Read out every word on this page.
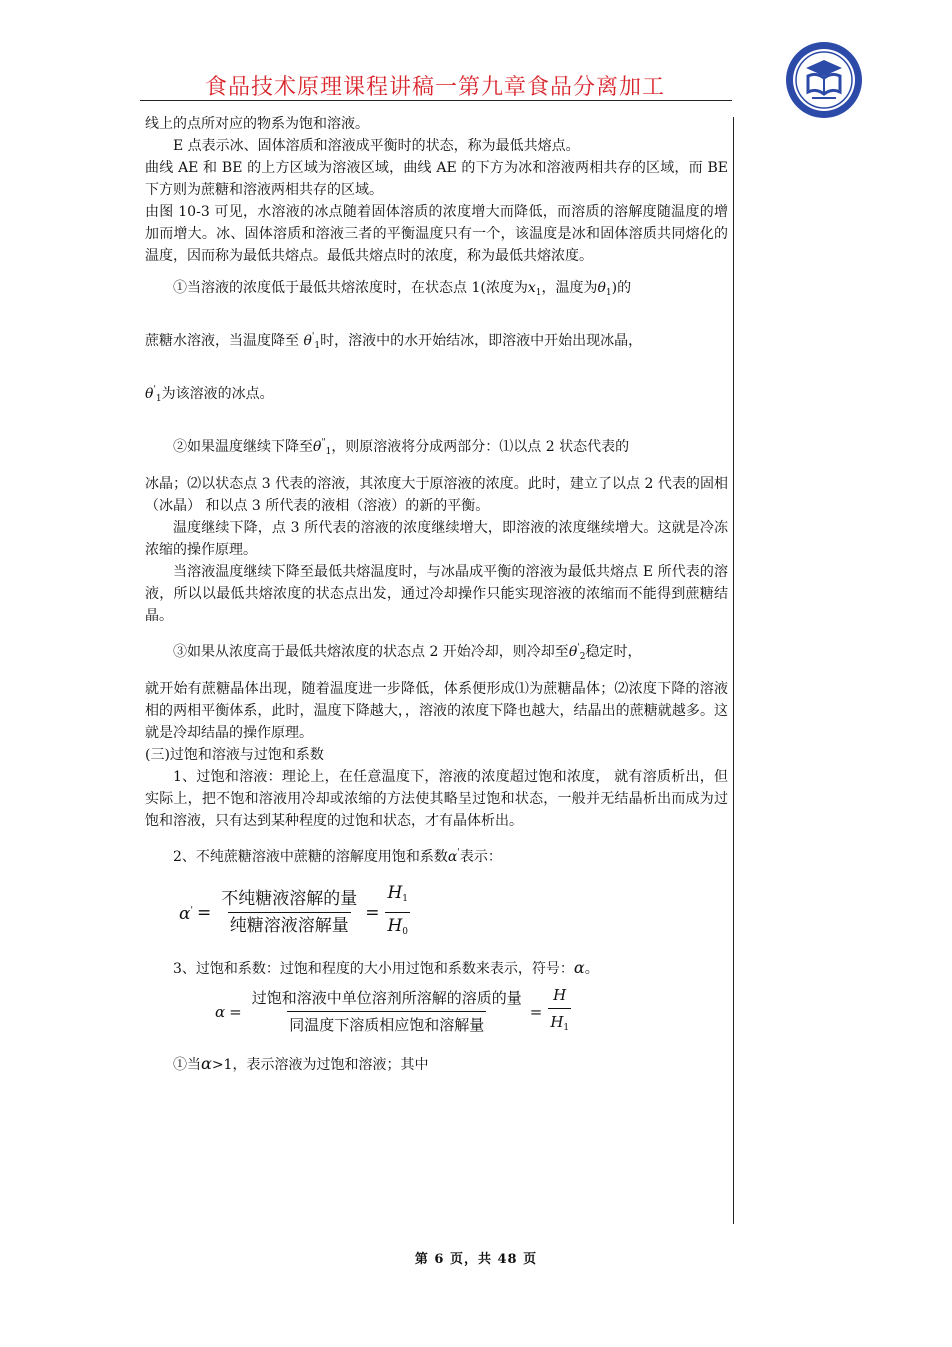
食品技术原理课程讲稿一第九章食品分离加工

线上的点所对应的物系为饱和溶液。

E 点表示冰、固体溶质和溶液成平衡时的状态，称为最低共熔点。

曲线 AE 和 BE 的上方区域为溶液区域，曲线 AE 的下方为冰和溶液两相共存的区域，而 BE 下方则为蔗糖和溶液两相共存的区域。

由图 10-3 可见，水溶液的冰点随着固体溶质的浓度增大而降低，而溶质的溶解度随温度的增加而增大。冰、固体溶质和溶液三者的平衡温度只有一个，该温度是冰和固体溶质共同熔化的温度，因而称为最低共熔点。最低共熔点时的浓度，称为最低共熔浓度。

①当溶液的浓度低于最低共熔浓度时，在状态点 1(浓度为$x_1$，温度为$\theta_1$)的

蔗糖水溶液，当温度降至 $\theta'_1$时，溶液中的水开始结冰，即溶液中开始出现冰晶，

$\theta'_1$为该溶液的冰点。

②如果温度继续下降至$\theta^"_1$，则原溶液将分成两部分：⑴以点 2 状态代表的

冰晶；⑵以状态点 3 代表的溶液，其浓度大于原溶液的浓度。此时，建立了以点 2 代表的固相（冰晶） 和以点 3 所代表的液相（溶液）的新的平衡。

温度继续下降，点 3 所代表的溶液的浓度继续增大，即溶液的浓度继续增大。这就是冷冻浓缩的操作原理。

当溶液温度继续下降至最低共熔温度时，与冰晶成平衡的溶液为最低共熔点 E 所代表的溶液，所以以最低共熔浓度的状态点出发，通过冷却操作只能实现溶液的浓缩而不能得到蔗糖结晶。

③如果从浓度高于最低共熔浓度的状态点 2 开始冷却，则冷却至$\theta'_2$稳定时，

就开始有蔗糖晶体出现，随着温度进一步降低，体系便形成⑴为蔗糖晶体；⑵浓度下降的溶液相的两相平衡体系，此时，温度下降越大，，溶液的浓度下降也越大，结晶出的蔗糖就越多。这就是冷却结晶的操作原理。

(三)过饱和溶液与过饱和系数

1、过饱和溶液：理论上，在任意温度下，溶液的浓度超过饱和浓度， 就有溶质析出，但实际上，把不饱和溶液用冷却或浓缩的方法使其略呈过饱和状态，一般并无结晶析出而成为过饱和溶液，只有达到某种程度的过饱和状态，才有晶体析出。

2、不纯蔗糖溶液中蔗糖的溶解度用饱和系数α'表示：

$\alpha' = \frac{\text{不纯糖液溶解的量}}{\text{纯糖溶液溶解量}} = \frac{H_1}{H_0}$

3、过饱和系数：过饱和程度的大小用过饱和系数来表示，符号：α。

$\alpha = \frac{\text{过饱和溶液中单位溶剂所溶解的溶质的量}}{\text{同温度下溶质相应饱和溶解量}} = \frac{H}{H_1}$

①当α>1，表示溶液为过饱和溶液；其中

第 6 页，共 48 页
